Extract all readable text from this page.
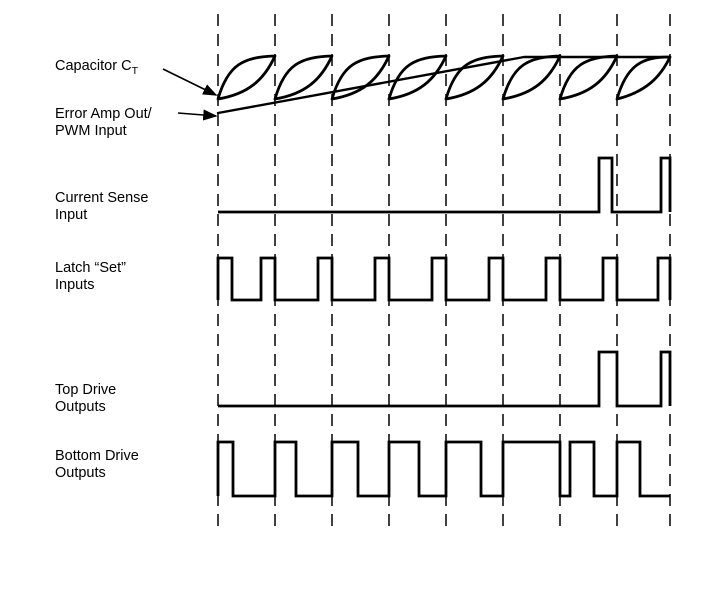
Capacitor $C_T$
Error Amp Out/
PWM Input
Current Sense
Input
Latch “Set”
Inputs
Top Drive
Outputs
Bottom Drive
Outputs
